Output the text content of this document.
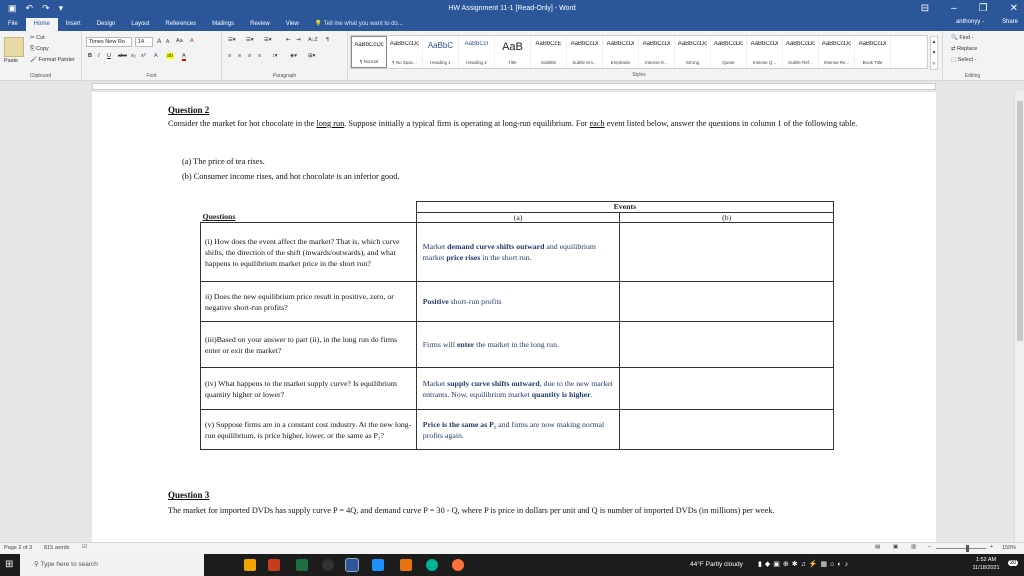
▣ ↶ ↷ ▾	HW Assignment 11-1 [Read-Only] - Word	⊟ – ❐ ✕
File	Home	Insert	Design	Layout	References	Mailings	Review	View	💡 Tell me what you want to do...	anthonyy -	Share
Paste
✂ Cut
⎘ Copy
🖌 Format Painter
Clipboard
Times New Ro	14	A A Aa A
B I U abc x₂ x² A ab A
Font
☰▾ ☰▾ ☰▾	⇤ ⇥ A↓Z ¶
≡ ≡ ≡ ≡ ↕▾ ◈▾ ⊞▾
Paragraph
AaBbCcDc
¶ Normal
AaBbCcDc
¶ No Spac...
AaBbC
Heading 1
AaBbCcI
Heading 2
AaB
Title
AaBbCcE
Subtitle
AaBbCcDi
Subtle Em...
AaBbCcDi
Emphasis
AaBbCcDi
Intense E...
AaBbCcDc
Strong
AaBbCcDc
Quote
AaBbCcDi
Intense Q...
AaBbCcDc
Subtle Ref...
AaBbCcDc
Intense Re...
AaBbCcDi
Book Title
▴
▾
▿
Styles
🔍 Find -
⇄ Replace
⬚ Select -
Editing
Question 2
Consider the market for hot chocolate in the long run. Suppose initially a typical firm is operating at long-run equilibrium. For each event listed below, answer the questions in column 1 of the following table.
(a) The price of tea rises.
(b) Consumer income rises, and hot chocolate is an inferior good.
Questions	Events	
	(a)	(b)
(i) How does the event affect the market? That is, which curve shifts, the direction of the shift (inwards/outwards), and what happens to equilibrium market price in the short run?	Market demand curve shifts outward and equilibrium market price rises in the short run.	
ii) Does the new equilibrium price result in positive, zero, or negative short-run profits?	Positive short-run profits	
(iii)Based on your answer to part (ii), in the long run do firms enter or exit the market?	Firms will enter the market in the long run.	
(iv) What happens to the market supply curve? Is equilibrium quantity higher or lower?	Market supply curve shifts outward, due to the new market entrants. Now, equilibrium market quantity is higher.	
(v) Suppose firms are in a constant cost industry. At the new long-run equilibrium, is price higher, lower, or the same as P₁?	Price is the same as P₁ and firms are now making normal profits again.	
Question 3
The market for imported DVDs has supply curve P = 4Q, and demand curve P = 30 - Q, where P is price in dollars per unit and Q is number of imported DVDs (in millions) per week.
Page 2 of 3 815 words ☑	▤ ▣ ▥ –	+ 150%
⊞	⚲ Type here to search	44°F Partly cloudy ▮◆▣⊕✱♫⚡▦⌂◐♪
1:52 AM
11/18/2021
20
